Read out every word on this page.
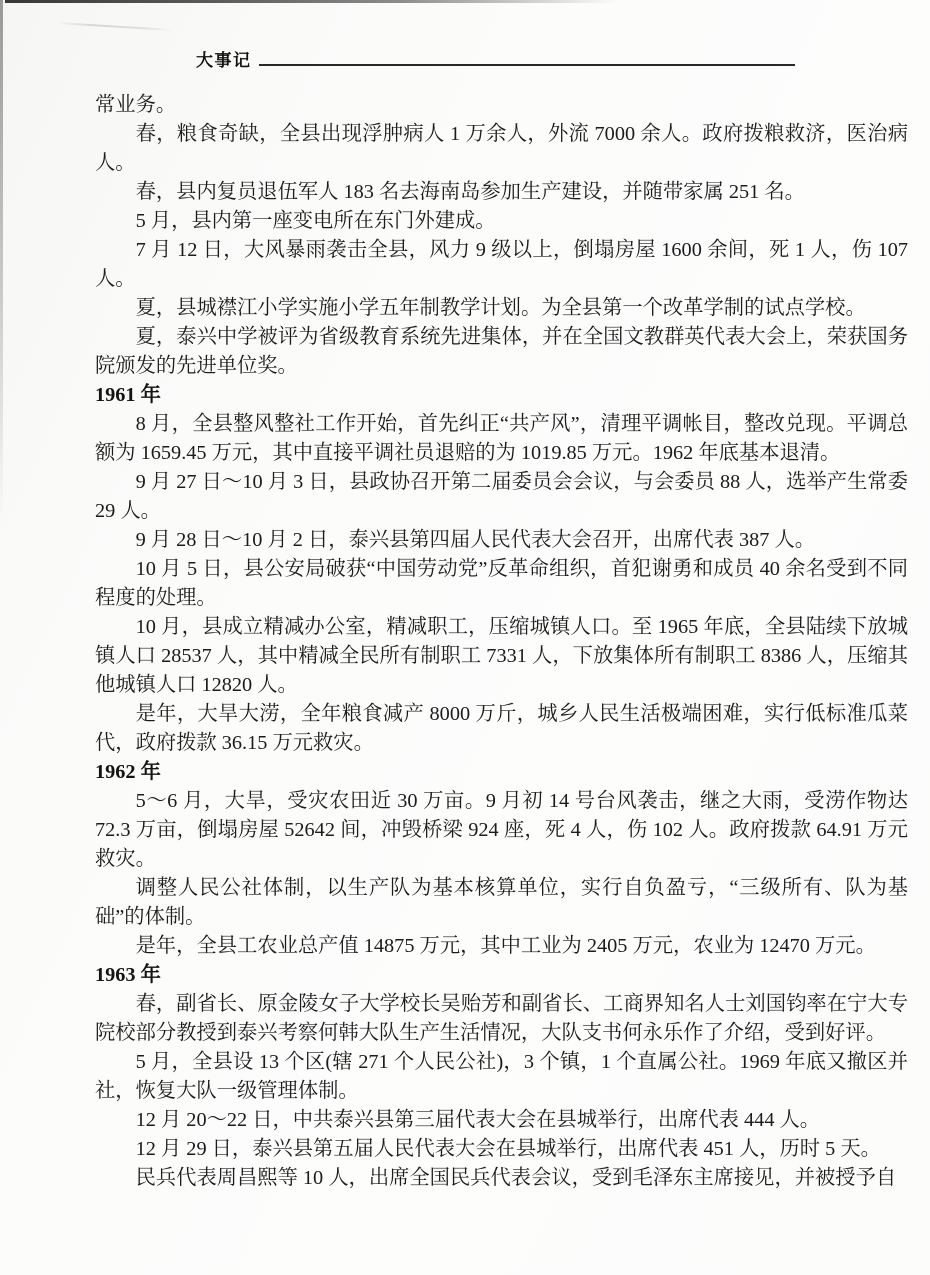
大事记

常业务。

春，粮食奇缺，全县出现浮肿病人 1 万余人，外流 7000 余人。政府拨粮救济，医治病人。

春，县内复员退伍军人 183 名去海南岛参加生产建设，并随带家属 251 名。

5 月，县内第一座变电所在东门外建成。

7 月 12 日，大风暴雨袭击全县，风力 9 级以上，倒塌房屋 1600 余间，死 1 人，伤 107 人。

夏，县城襟江小学实施小学五年制教学计划。为全县第一个改革学制的试点学校。

夏，泰兴中学被评为省级教育系统先进集体，并在全国文教群英代表大会上，荣获国务院颁发的先进单位奖。

1961 年

8 月，全县整风整社工作开始，首先纠正“共产风”，清理平调帐目，整改兑现。平调总额为 1659.45 万元，其中直接平调社员退赔的为 1019.85 万元。1962 年底基本退清。

9 月 27 日～10 月 3 日，县政协召开第二届委员会会议，与会委员 88 人，选举产生常委 29 人。

9 月 28 日～10 月 2 日，泰兴县第四届人民代表大会召开，出席代表 387 人。

10 月 5 日，县公安局破获“中国劳动党”反革命组织，首犯谢勇和成员 40 余名受到不同程度的处理。

10 月，县成立精减办公室，精减职工，压缩城镇人口。至 1965 年底，全县陆续下放城镇人口 28537 人，其中精减全民所有制职工 7331 人，下放集体所有制职工 8386 人，压缩其他城镇人口 12820 人。

是年，大旱大涝，全年粮食减产 8000 万斤，城乡人民生活极端困难，实行低标准瓜菜代，政府拨款 36.15 万元救灾。

1962 年

5～6 月，大旱，受灾农田近 30 万亩。9 月初 14 号台风袭击，继之大雨，受涝作物达 72.3 万亩，倒塌房屋 52642 间，冲毁桥梁 924 座，死 4 人，伤 102 人。政府拨款 64.91 万元救灾。

调整人民公社体制，以生产队为基本核算单位，实行自负盈亏，“三级所有、队为基础”的体制。

是年，全县工农业总产值 14875 万元，其中工业为 2405 万元，农业为 12470 万元。

1963 年

春，副省长、原金陵女子大学校长吴贻芳和副省长、工商界知名人士刘国钧率在宁大专院校部分教授到泰兴考察何韩大队生产生活情况，大队支书何永乐作了介绍，受到好评。

5 月，全县设 13 个区(辖 271 个人民公社)，3 个镇，1 个直属公社。1969 年底又撤区并社，恢复大队一级管理体制。

12 月 20～22 日，中共泰兴县第三届代表大会在县城举行，出席代表 444 人。

12 月 29 日，泰兴县第五届人民代表大会在县城举行，出席代表 451 人，历时 5 天。

民兵代表周昌熙等 10 人，出席全国民兵代表会议，受到毛泽东主席接见，并被授予自
